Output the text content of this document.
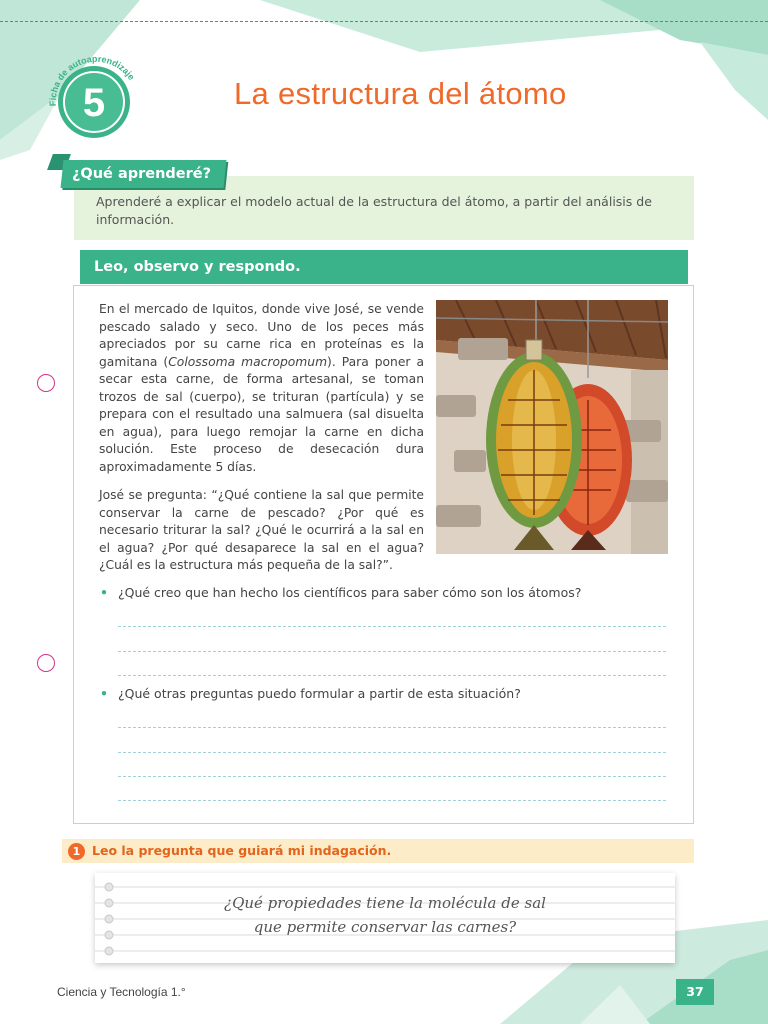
Ficha de autoaprendizaje
5	La estructura del átomo
Aprenderé a explicar el modelo actual de la estructura del átomo, a partir del análisis de información.
¿Qué aprenderé?
Leo, observo y respondo.
En el mercado de Iquitos, donde vive José, se vende pescado salado y seco. Uno de los peces más apreciados por su carne rica en proteínas es la gamitana (Colossoma macropomum). Para poner a secar esta carne, de forma artesanal, se toman trozos de sal (cuerpo), se trituran (partícula) y se prepara con el resultado una salmuera (sal disuelta en agua), para luego remojar la carne en dicha solución. Este proceso de desecación dura aproximadamente 5 días.
José se pregunta: “¿Qué contiene la sal que permite conservar la carne de pescado? ¿Por qué es necesario triturar la sal? ¿Qué le ocurrirá a la sal en el agua? ¿Por qué desaparece la sal en el agua? ¿Cuál es la estructura más pequeña de la sal?”.
• ¿Qué creo que han hecho los científicos para saber cómo son los átomos?
• ¿Qué otras preguntas puedo formular a partir de esta situación?
Leo la pregunta que guiará mi indagación.
1
¿Qué propiedades tiene la molécula de sal
que permite conservar las carnes?
Ciencia y Tecnología 1.°	37
